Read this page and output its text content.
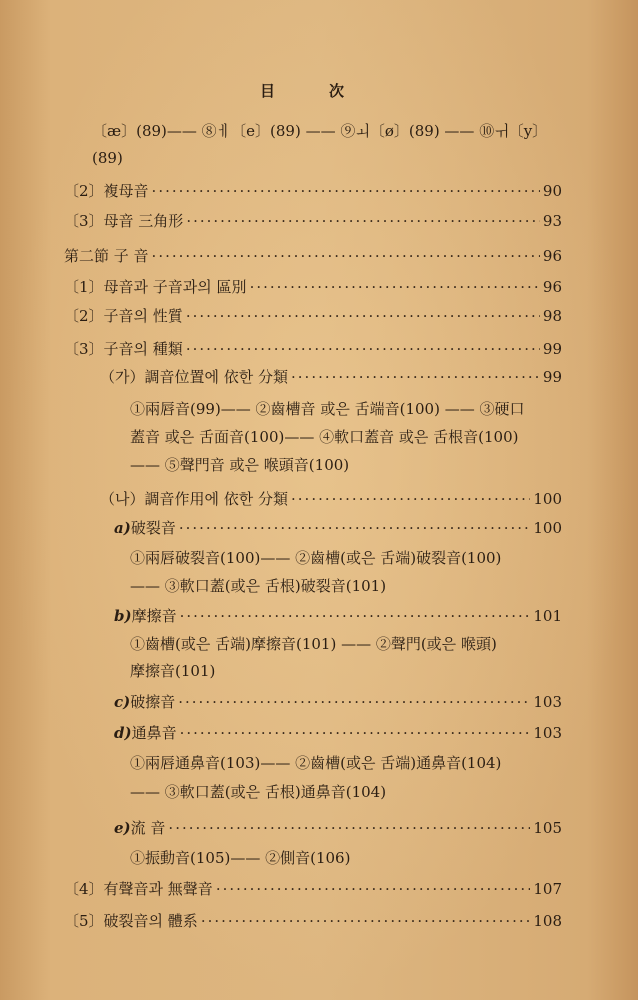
目	次
〔æ〕(89)—— ⑧ㅔ〔e〕(89) —— ⑨ㅚ〔ø〕(89) —— ⑩ㅟ〔y〕
(89)
〔2〕複母音 ·····	90
〔3〕母音 三角形 ·····	93
第二節 子 音 ·····	96
〔1〕母音과 子音과의 區別 ·····	96
〔2〕子音의 性質 ·····	98
〔3〕子音의 種類 ·····	99
（가）調音位置에 依한 分類 ·····	99
①兩唇音(99)—— ②齒槽音 或은 舌端音(100) —— ③硬口
蓋音 或은 舌面音(100)—— ④軟口蓋音 或은 舌根音(100)
—— ⑤聲門音 或은 喉頭音(100)
（나）調音作用에 依한 分類 ·····	100
a)破裂音 ·····	100
①兩唇破裂音(100)—— ②齒槽(或은 舌端)破裂音(100)
—— ③軟口蓋(或은 舌根)破裂音(101)
b)摩擦音 ·····	101
①齒槽(或은 舌端)摩擦音(101) —— ②聲門(或은 喉頭)
摩擦音(101)
c)破擦音 ·····	103
d)通鼻音 ·····	103
①兩唇通鼻音(103)—— ②齒槽(或은 舌端)通鼻音(104)
—— ③軟口蓋(或은 舌根)通鼻音(104)
e)流 音 ·····	105
①振動音(105)—— ②側音(106)
〔4〕有聲音과 無聲音 ·····	107
〔5〕破裂音의 體系 ·····	108
